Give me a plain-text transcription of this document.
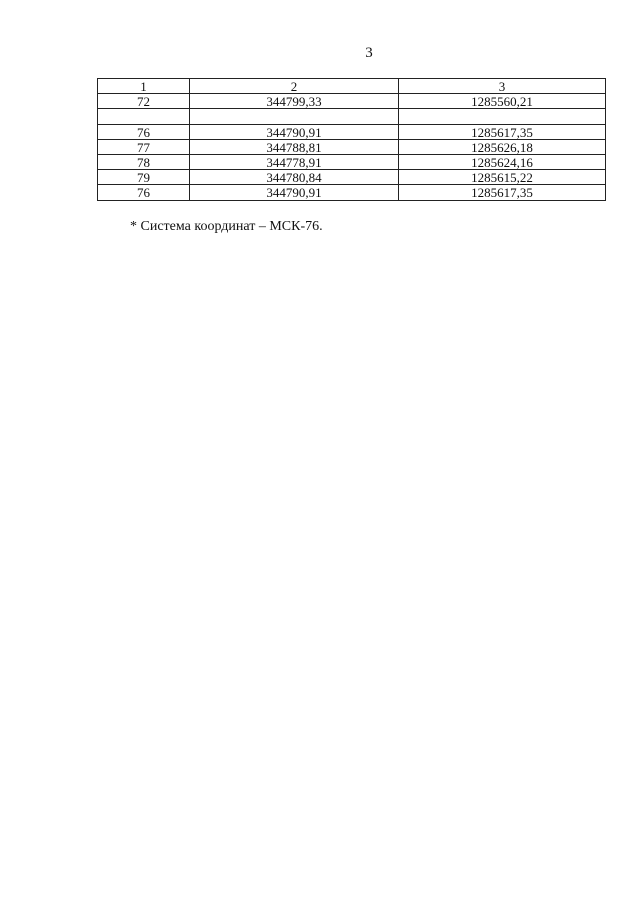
3
1	2	3
72	344799,33	1285560,21

76	344790,91	1285617,35
77	344788,81	1285626,18
78	344778,91	1285624,16
79	344780,84	1285615,22
76	344790,91	1285617,35
* Система координат – МСК-76.
